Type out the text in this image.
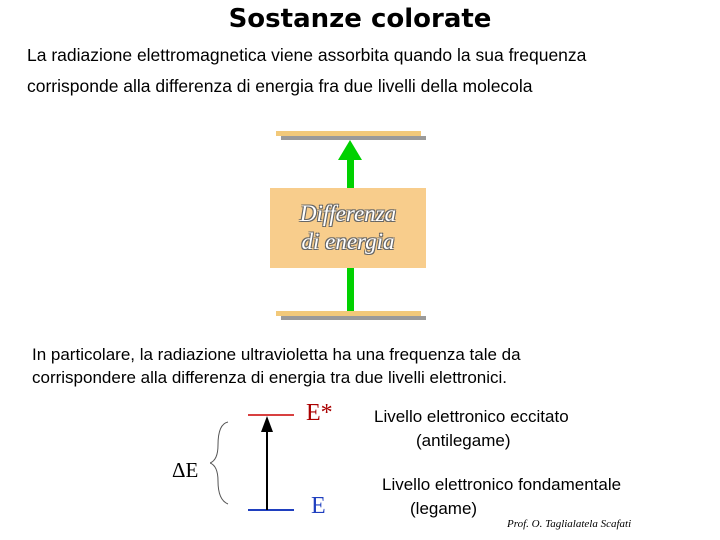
Sostanze colorate
La radiazione elettromagnetica viene assorbita quando la sua frequenza
corrisponde alla differenza di energia fra due livelli della molecola
Differenza
di energia
In particolare, la radiazione ultravioletta ha una frequenza tale da
corrispondere alla differenza di energia tra due livelli elettronici.
ΔE
E*
E
Livello elettronico eccitato
(antilegame)
Livello elettronico fondamentale
(legame)
Prof. O. Taglialatela Scafati
